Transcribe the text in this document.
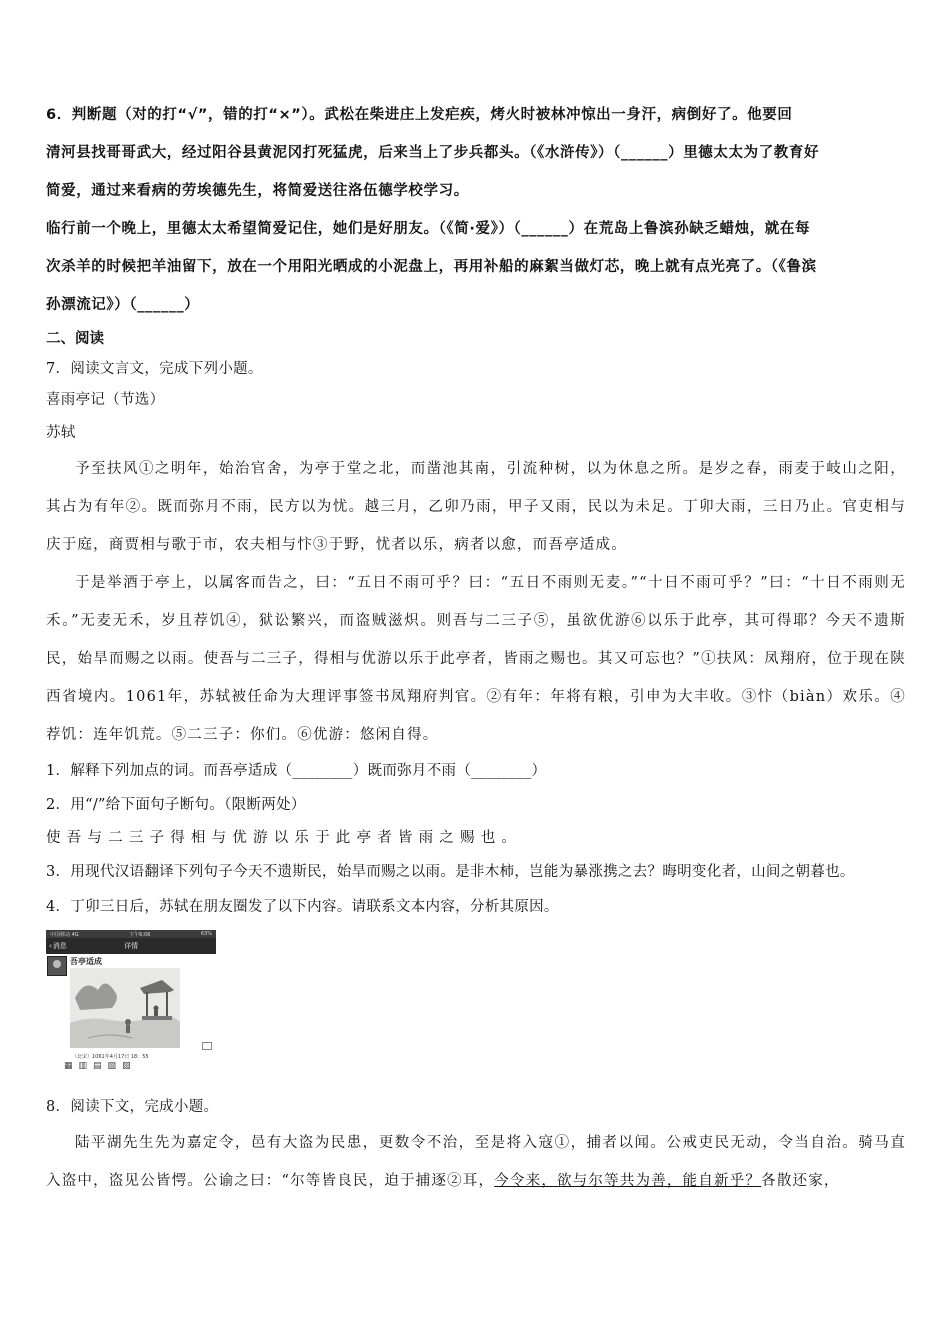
6．判断题（对的打“√”，错的打“×”）。武松在柴进庄上发疟疾，烤火时被林冲惊出一身汗，病倒好了。他要回

清河县找哥哥武大，经过阳谷县黄泥冈打死猛虎，后来当上了步兵都头。（《水浒传》）（______）里德太太为了教育好

简爱，通过来看病的劳埃德先生，将简爱送往洛伍德学校学习。

临行前一个晚上，里德太太希望简爱记住，她们是好朋友。（《简·爱》）（______）在荒岛上鲁滨孙缺乏蜡烛，就在每

次杀羊的时候把羊油留下，放在一个用阳光晒成的小泥盘上，再用补船的麻絮当做灯芯，晚上就有点光亮了。（《鲁滨

孙漂流记》）（______）

二、阅读

7．阅读文言文，完成下列小题。

喜雨亭记（节选）

苏轼

予至扶风①之明年，始治官舍，为亭于堂之北，而凿池其南，引流种树，以为休息之所。是岁之春，雨麦于岐山之阳，其占为有年②。既而弥月不雨，民方以为忧。越三月，乙卯乃雨，甲子又雨，民以为未足。丁卯大雨，三日乃止。官吏相与庆于庭，商贾相与歌于市，农夫相与忭③于野，忧者以乐，病者以愈，而吾亭适成。

于是举酒于亭上，以属客而告之，曰：“五日不雨可乎？曰：“五日不雨则无麦。”“十日不雨可乎？”曰：“十日不雨则无禾。”无麦无禾，岁且荐饥④，狱讼繁兴，而盗贼滋炽。则吾与二三子⑤，虽欲优游⑥以乐于此亭，其可得耶？今天不遗斯民，始旱而赐之以雨。使吾与二三子，得相与优游以乐于此亭者，皆雨之赐也。其又可忘也？”①扶风：凤翔府，位于现在陕西省境内。1061年，苏轼被任命为大理评事签书凤翔府判官。②有年：年将有粮，引申为大丰收。③忭（biàn）欢乐。④荐饥：连年饥荒。⑤二三子：你们。⑥优游：悠闲自得。

1．解释下列加点的词。而吾亭适成（________）既而弥月不雨（________）

2．用“/”给下面句子断句。（限断两处）

使吾与二三子得相与优游以乐于此亭者皆雨之赐也。

3．用现代汉语翻译下列句子今天不遗斯民，始旱而赐之以雨。是非木柿，岂能为暴涨携之去？晦明变化者，山间之朝暮也。

4．丁卯三日后，苏轼在朋友圈发了以下内容。请联系文本内容，分析其原因。

中国移动 4G	下午6:06	63%
‹ 消息	详情
吾亭适成
（北宋）1061年4月17日 18：55
▦ ▥ ▤ ▧ ▨

8．阅读下文，完成小题。

陆平湖先生先为嘉定令，邑有大盗为民患，更数令不治，至是将入寇①，捕者以闻。公戒吏民无动，令当自治。骑马直入盗中，盗见公皆愕。公谕之曰：“尔等皆良民，迫于捕逐②耳，今令来，欲与尔等共为善，能自新乎？各散还家，
